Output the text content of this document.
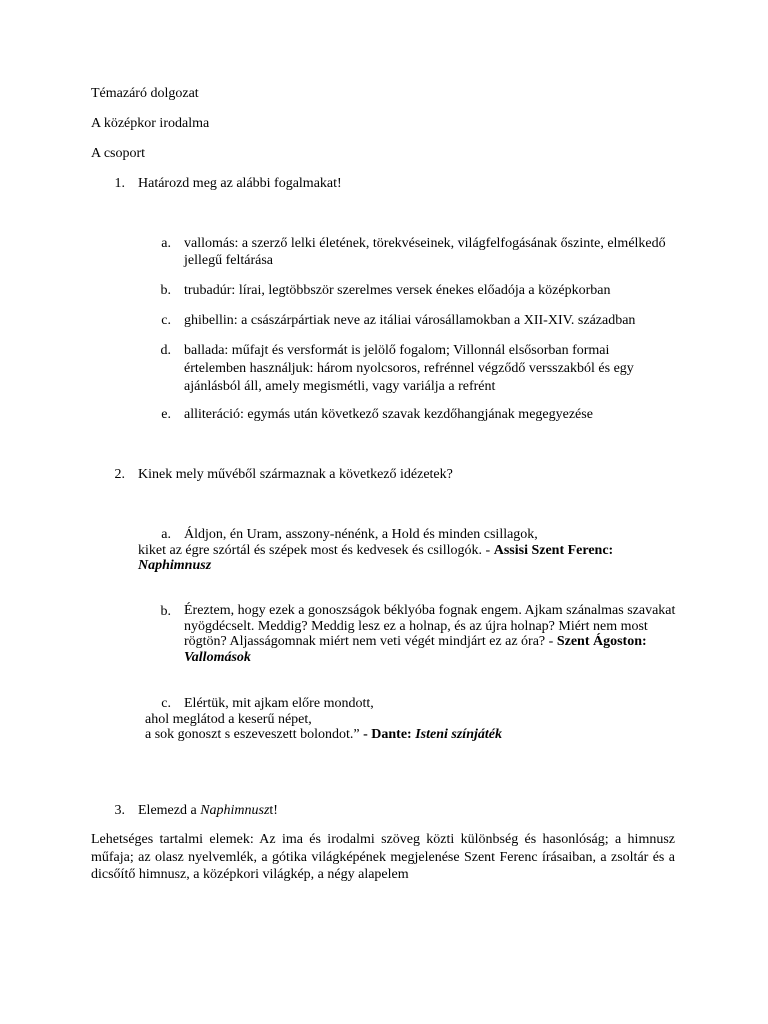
Témazáró dolgozat

A középkor irodalma

A csoport

1. Határozd meg az alábbi fogalmakat!

a. vallomás: a szerző lelki életének, törekvéseinek, világfelfogásának őszinte, elmélkedő jellegű feltárása

b. trubadúr: lírai, legtöbbször szerelmes versek énekes előadója a középkorban

c. ghibellin: a császárpártiak neve az itáliai városállamokban a XII-XIV. században

d. ballada: műfajt és versformát is jelölő fogalom; Villonnál elsősorban formai értelemben használjuk: három nyolcsoros, refrénnel végződő versszakból és egy ajánlásból áll, amely megismétli, vagy variálja a refrént

e. alliteráció: egymás után következő szavak kezdőhangjának megegyezése

2. Kinek mely művéből származnak a következő idézetek?

a. Áldjon, én Uram, asszony-nénénk, a Hold és minden csillagok,

kiket az égre szórtál és szépek most és kedvesek és csillogók. - Assisi Szent Ferenc:

Naphimnusz

b. Éreztem, hogy ezek a gonoszságok béklyóba fognak engem. Ajkam szánalmas szavakat nyögdécselt. Meddig? Meddig lesz ez a holnap, és az újra holnap? Miért nem most rögtön? Aljasságomnak miért nem veti végét mindjárt ez az óra? - Szent Ágoston: Vallomások

c. Elértük, mit ajkam előre mondott,

ahol meglátod a keserű népet,

a sok gonoszt s eszeveszett bolondot.” - Dante: Isteni színjáték

3. Elemezd a Naphimnuszt!

Lehetséges tartalmi elemek: Az ima és irodalmi szöveg közti különbség és hasonlóság; a himnusz műfaja; az olasz nyelvemlék, a gótika világképének megjelenése Szent Ferenc írásaiban, a zsoltár és a dicsőítő himnusz, a középkori világkép, a négy alapelem
